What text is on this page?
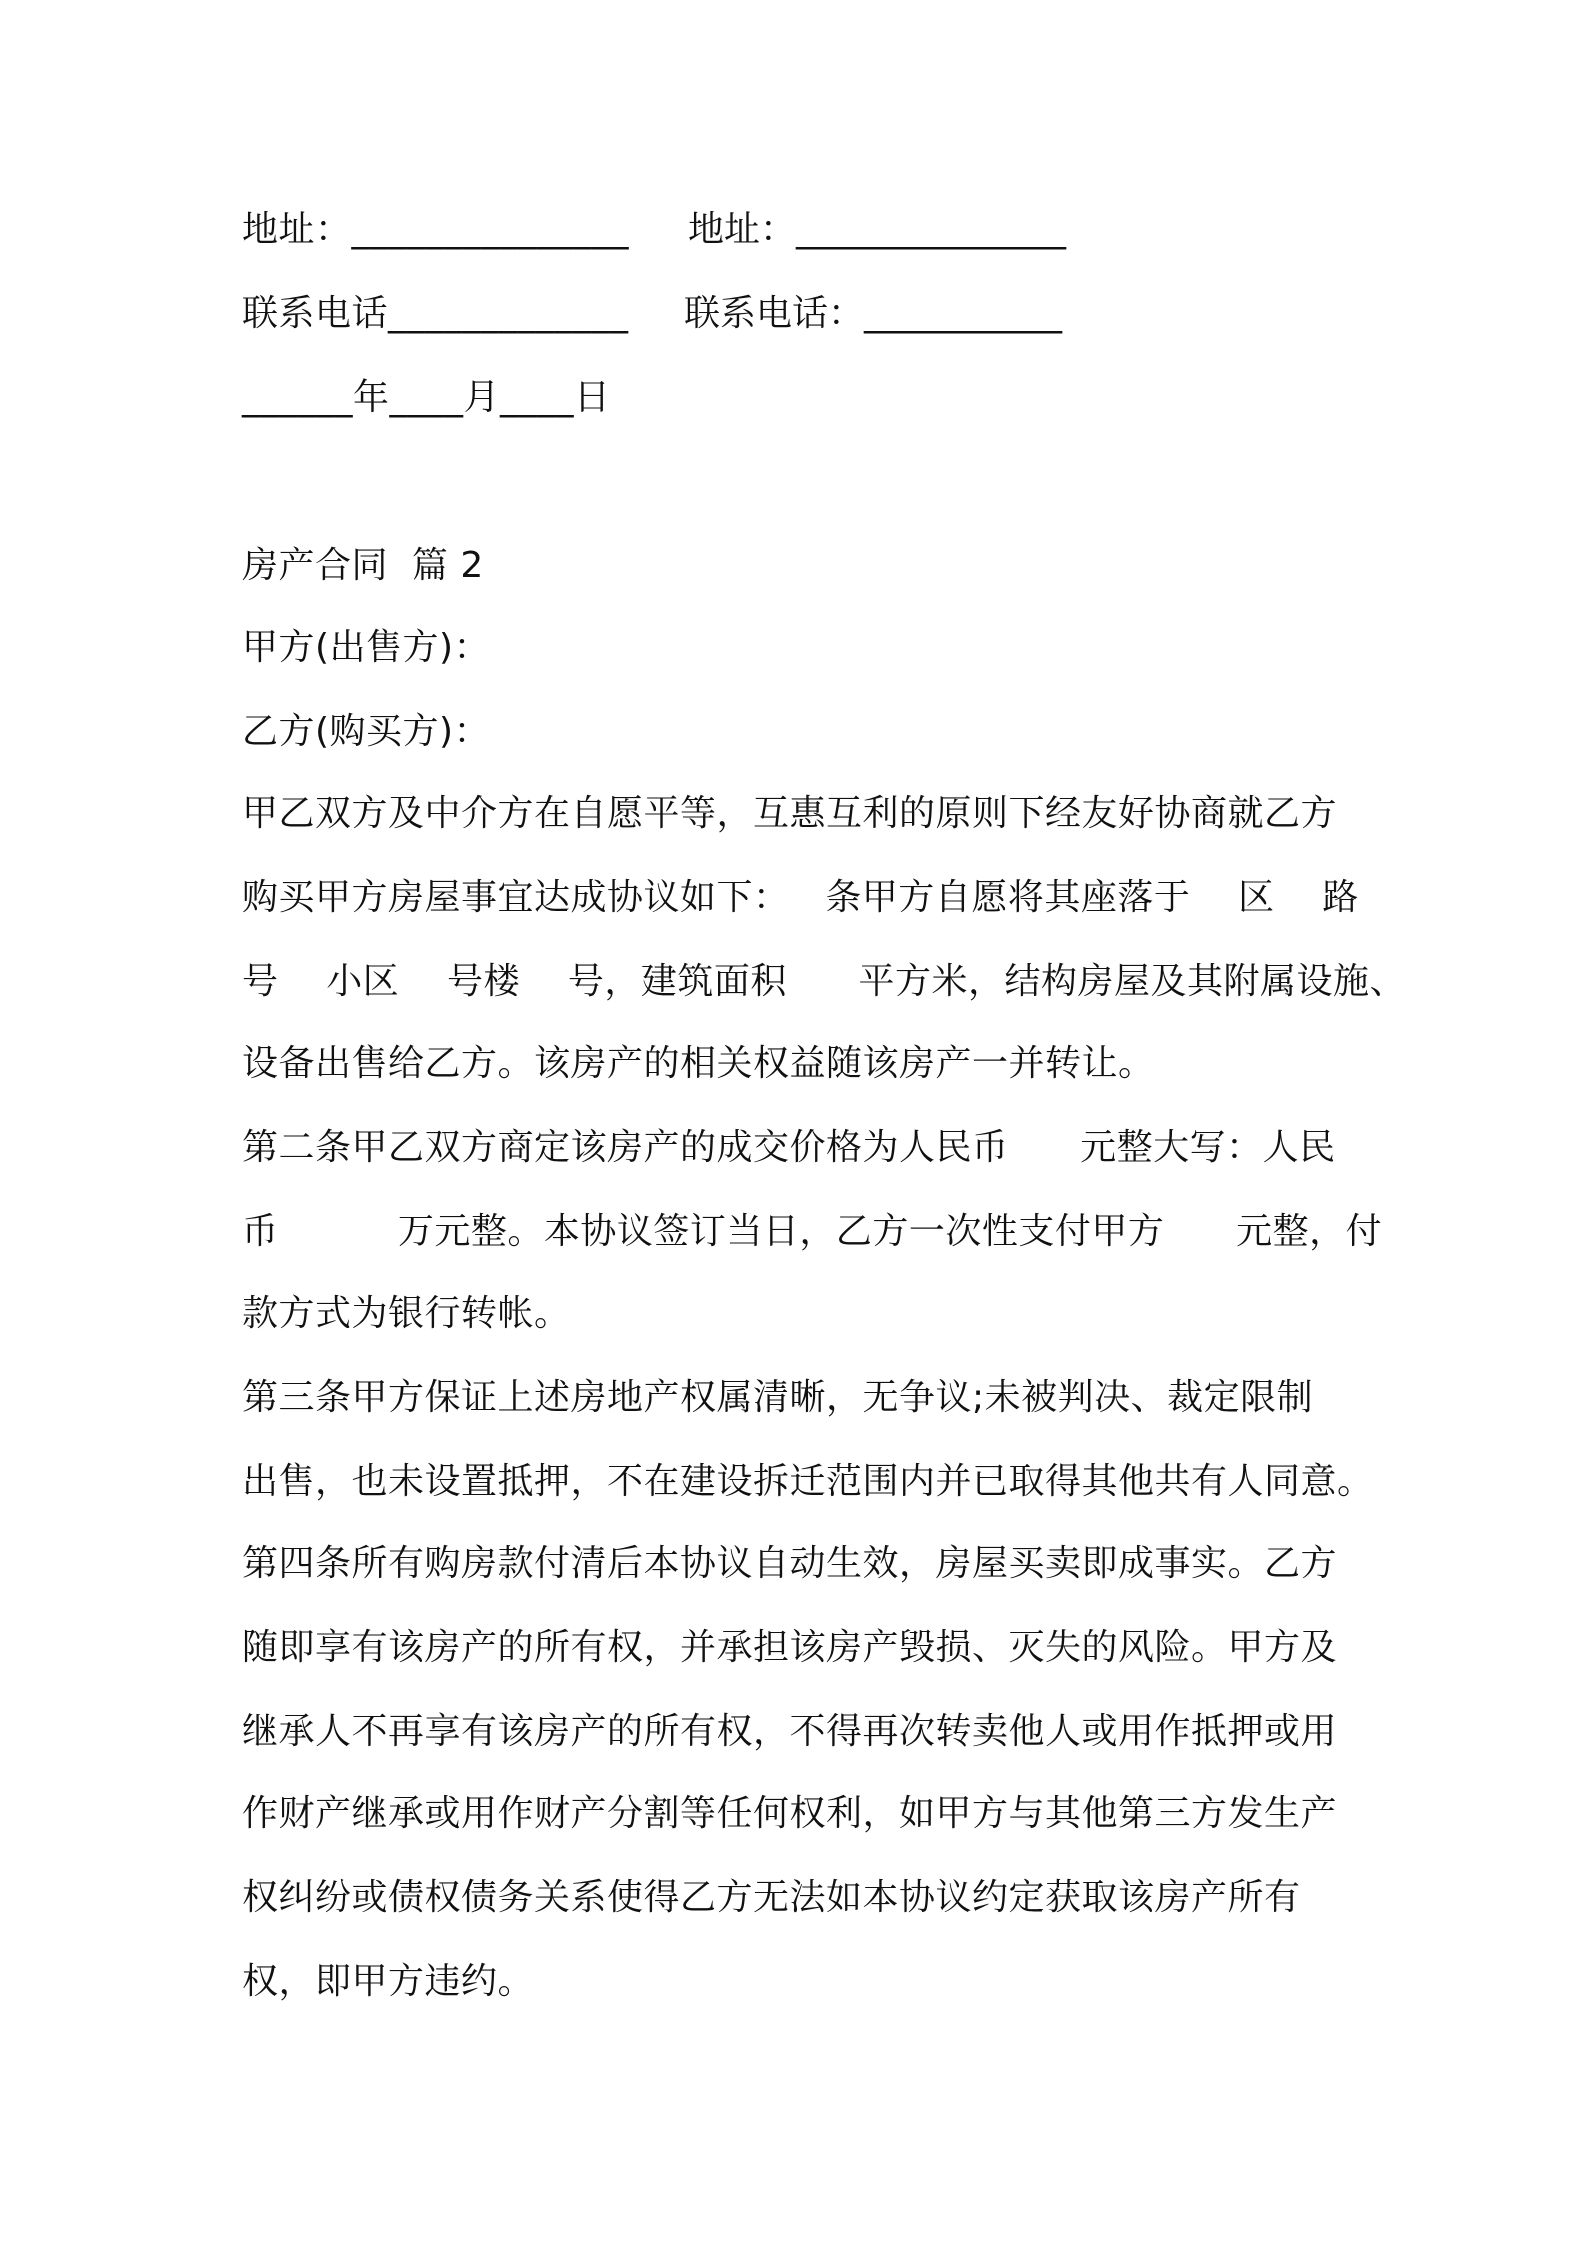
地址：_______________ 地址：_______________
联系电话_____________ 联系电话：___________
______年____月____日
房产合同  篇 2
甲方(出售方)：
乙方(购买方)：
甲乙双方及中介方在自愿平等，互惠互利的原则下经友好协商就乙方
购买甲方房屋事宜达成协议如下：   条甲方自愿将其座落于    区    路
号    小区    号楼    号，建筑面积      平方米，结构房屋及其附属设施、
设备出售给乙方。该房产的相关权益随该房产一并转让。
第二条甲乙双方商定该房产的成交价格为人民币      元整大写：人民
币          万元整。本协议签订当日，乙方一次性支付甲方      元整，付
款方式为银行转帐。
第三条甲方保证上述房地产权属清晰，无争议;未被判决、裁定限制
出售，也未设置抵押，不在建设拆迁范围内并已取得其他共有人同意。
第四条所有购房款付清后本协议自动生效，房屋买卖即成事实。乙方
随即享有该房产的所有权，并承担该房产毁损、灭失的风险。甲方及
继承人不再享有该房产的所有权，不得再次转卖他人或用作抵押或用
作财产继承或用作财产分割等任何权利，如甲方与其他第三方发生产
权纠纷或债权债务关系使得乙方无法如本协议约定获取该房产所有
权，即甲方违约。
